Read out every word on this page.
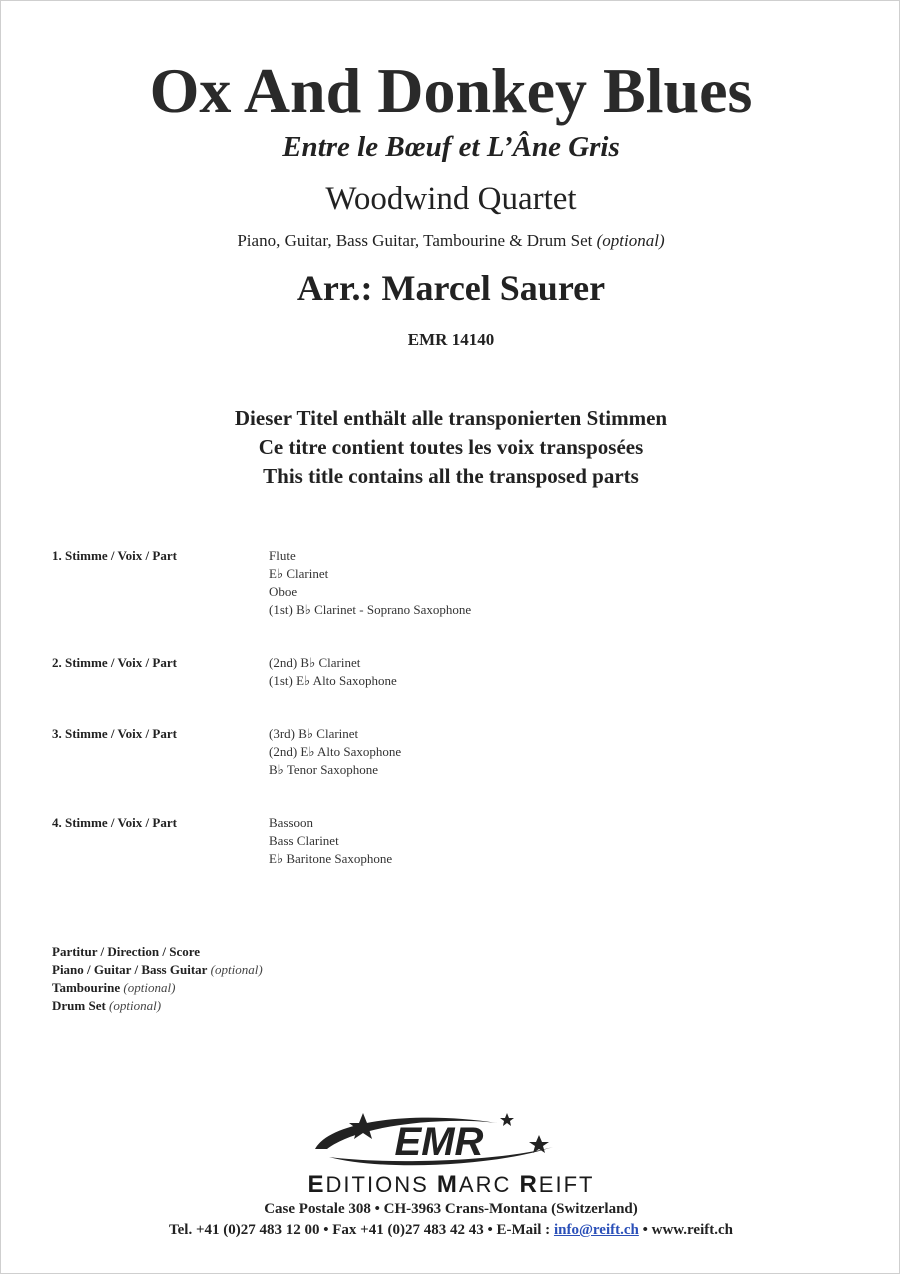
Ox And Donkey Blues
Entre le Bœuf et L’Âne Gris
Woodwind Quartet
Piano, Guitar, Bass Guitar, Tambourine & Drum Set (optional)
Arr.: Marcel Saurer
EMR 14140
Dieser Titel enthält alle transponierten Stimmen
Ce titre contient toutes les voix transposées
This title contains all the transposed parts
1. Stimme / Voix / Part	Flute
E♭ Clarinet
Oboe
(1st) B♭ Clarinet - Soprano Saxophone
2. Stimme / Voix / Part	(2nd) B♭ Clarinet
(1st) E♭ Alto Saxophone
3. Stimme / Voix / Part	(3rd) B♭ Clarinet
(2nd) E♭ Alto Saxophone
B♭ Tenor Saxophone
4. Stimme / Voix / Part	Bassoon
Bass Clarinet
E♭ Baritone Saxophone
Partitur / Direction / Score
Piano / Guitar / Bass Guitar (optional)
Tambourine (optional)
Drum Set (optional)
EMR
EDITIONS MARC REIFT
Case Postale 308 • CH-3963 Crans-Montana (Switzerland)
Tel. +41 (0)27 483 12 00 • Fax +41 (0)27 483 42 43 • E-Mail : info@reift.ch • www.reift.ch
